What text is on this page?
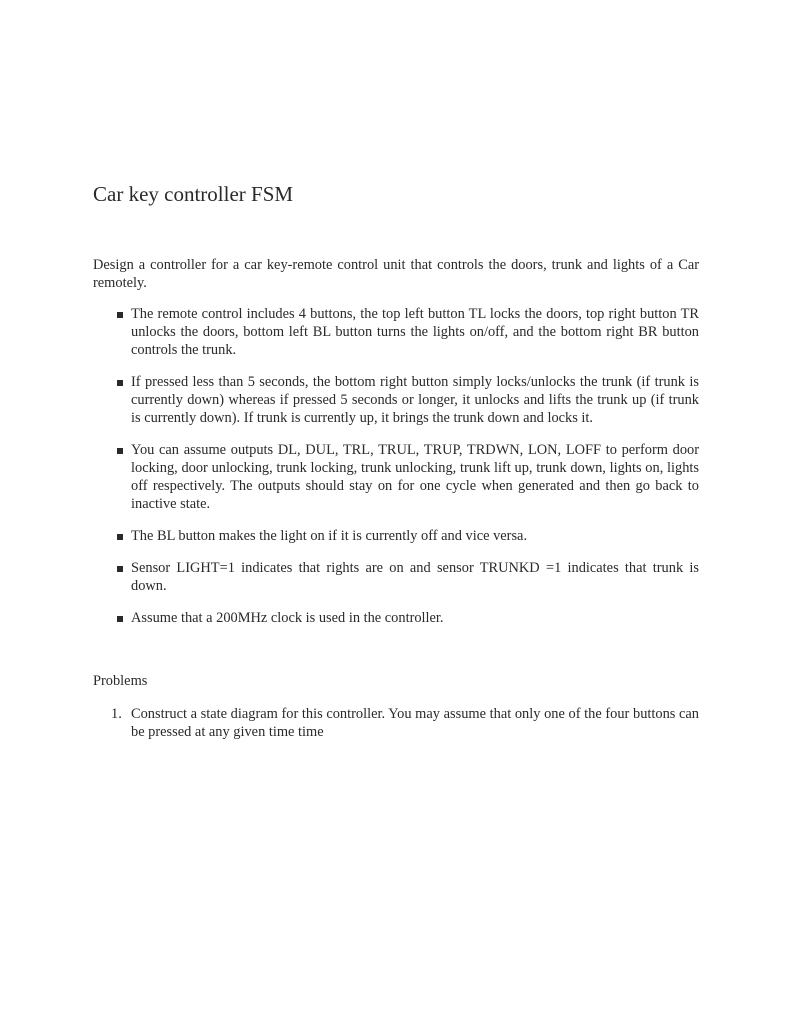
Car key controller FSM

Design a controller for a car key-remote control unit that controls the doors, trunk and lights of a Car remotely.

The remote control includes 4 buttons, the top left button TL locks the doors, top right button TR unlocks the doors, bottom left BL button turns the lights on/off, and the bottom right BR button controls the trunk.
If pressed less than 5 seconds, the bottom right button simply locks/unlocks the trunk (if trunk is currently down) whereas if pressed 5 seconds or longer, it unlocks and lifts the trunk up (if trunk is currently down). If trunk is currently up, it brings the trunk down and locks it.
You can assume outputs DL, DUL, TRL, TRUL, TRUP, TRDWN, LON, LOFF to perform door locking, door unlocking, trunk locking, trunk unlocking, trunk lift up, trunk down, lights on, lights off respectively. The outputs should stay on for one cycle when generated and then go back to inactive state.
The BL button makes the light on if it is currently off and vice versa.
Sensor LIGHT=1 indicates that rights are on and sensor TRUNKD =1 indicates that trunk is down.
Assume that a 200MHz clock is used in the controller.
Problems
1. Construct a state diagram for this controller. You may assume that only one of the four buttons can be pressed at any given time time
